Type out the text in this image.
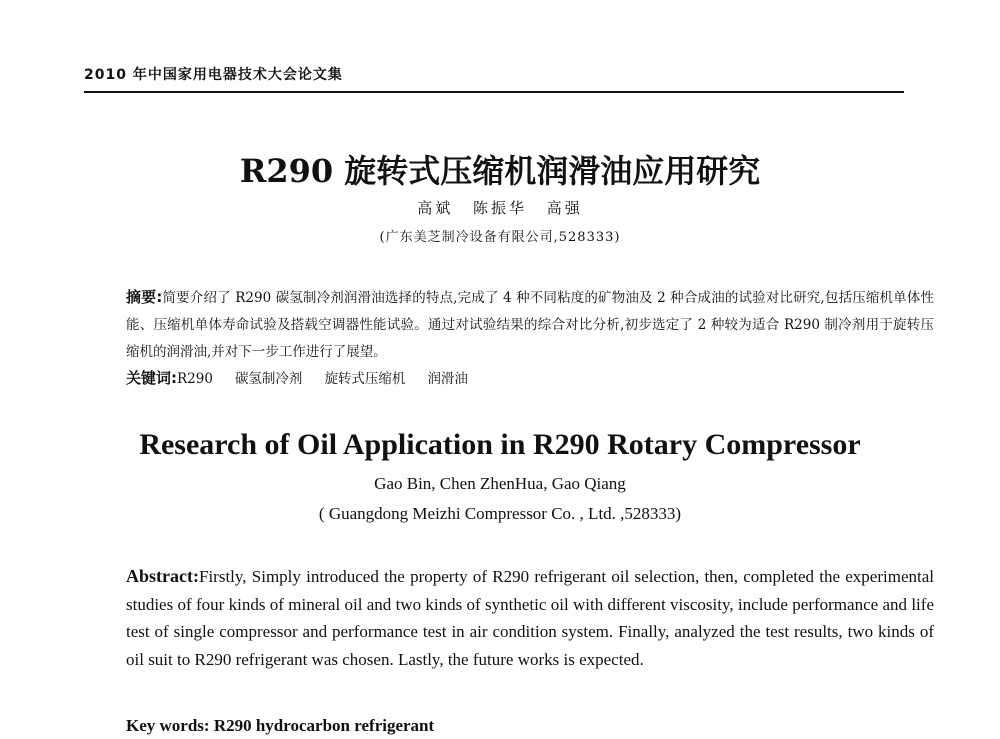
2010 年中国家用电器技术大会论文集
R290 旋转式压缩机润滑油应用研究
高斌 陈振华 高强
(广东美芝制冷设备有限公司,528333)
摘要:简要介绍了 R290 碳氢制冷剂润滑油选择的特点,完成了 4 种不同粘度的矿物油及 2 种合成油的试验对比研究,包括压缩机单体性能、压缩机单体寿命试验及搭载空调器性能试验。通过对试验结果的综合对比分析,初步选定了 2 种较为适合 R290 制冷剂用于旋转压缩机的润滑油,并对下一步工作进行了展望。
关键词:R290 碳氢制冷剂 旋转式压缩机 润滑油
Research of Oil Application in R290 Rotary Compressor
Gao Bin, Chen ZhenHua, Gao Qiang
( Guangdong Meizhi Compressor Co. , Ltd. ,528333)
Abstract:Firstly, Simply introduced the property of R290 refrigerant oil selection, then, completed the experimental studies of four kinds of mineral oil and two kinds of synthetic oil with different viscosity, include performance and life test of single compressor and performance test in air condition system. Finally, analyzed the test results, two kinds of oil suit to R290 refrigerant was chosen. Lastly, the future works is expected.
Key words: R290 hydrocarbon refrigerant
